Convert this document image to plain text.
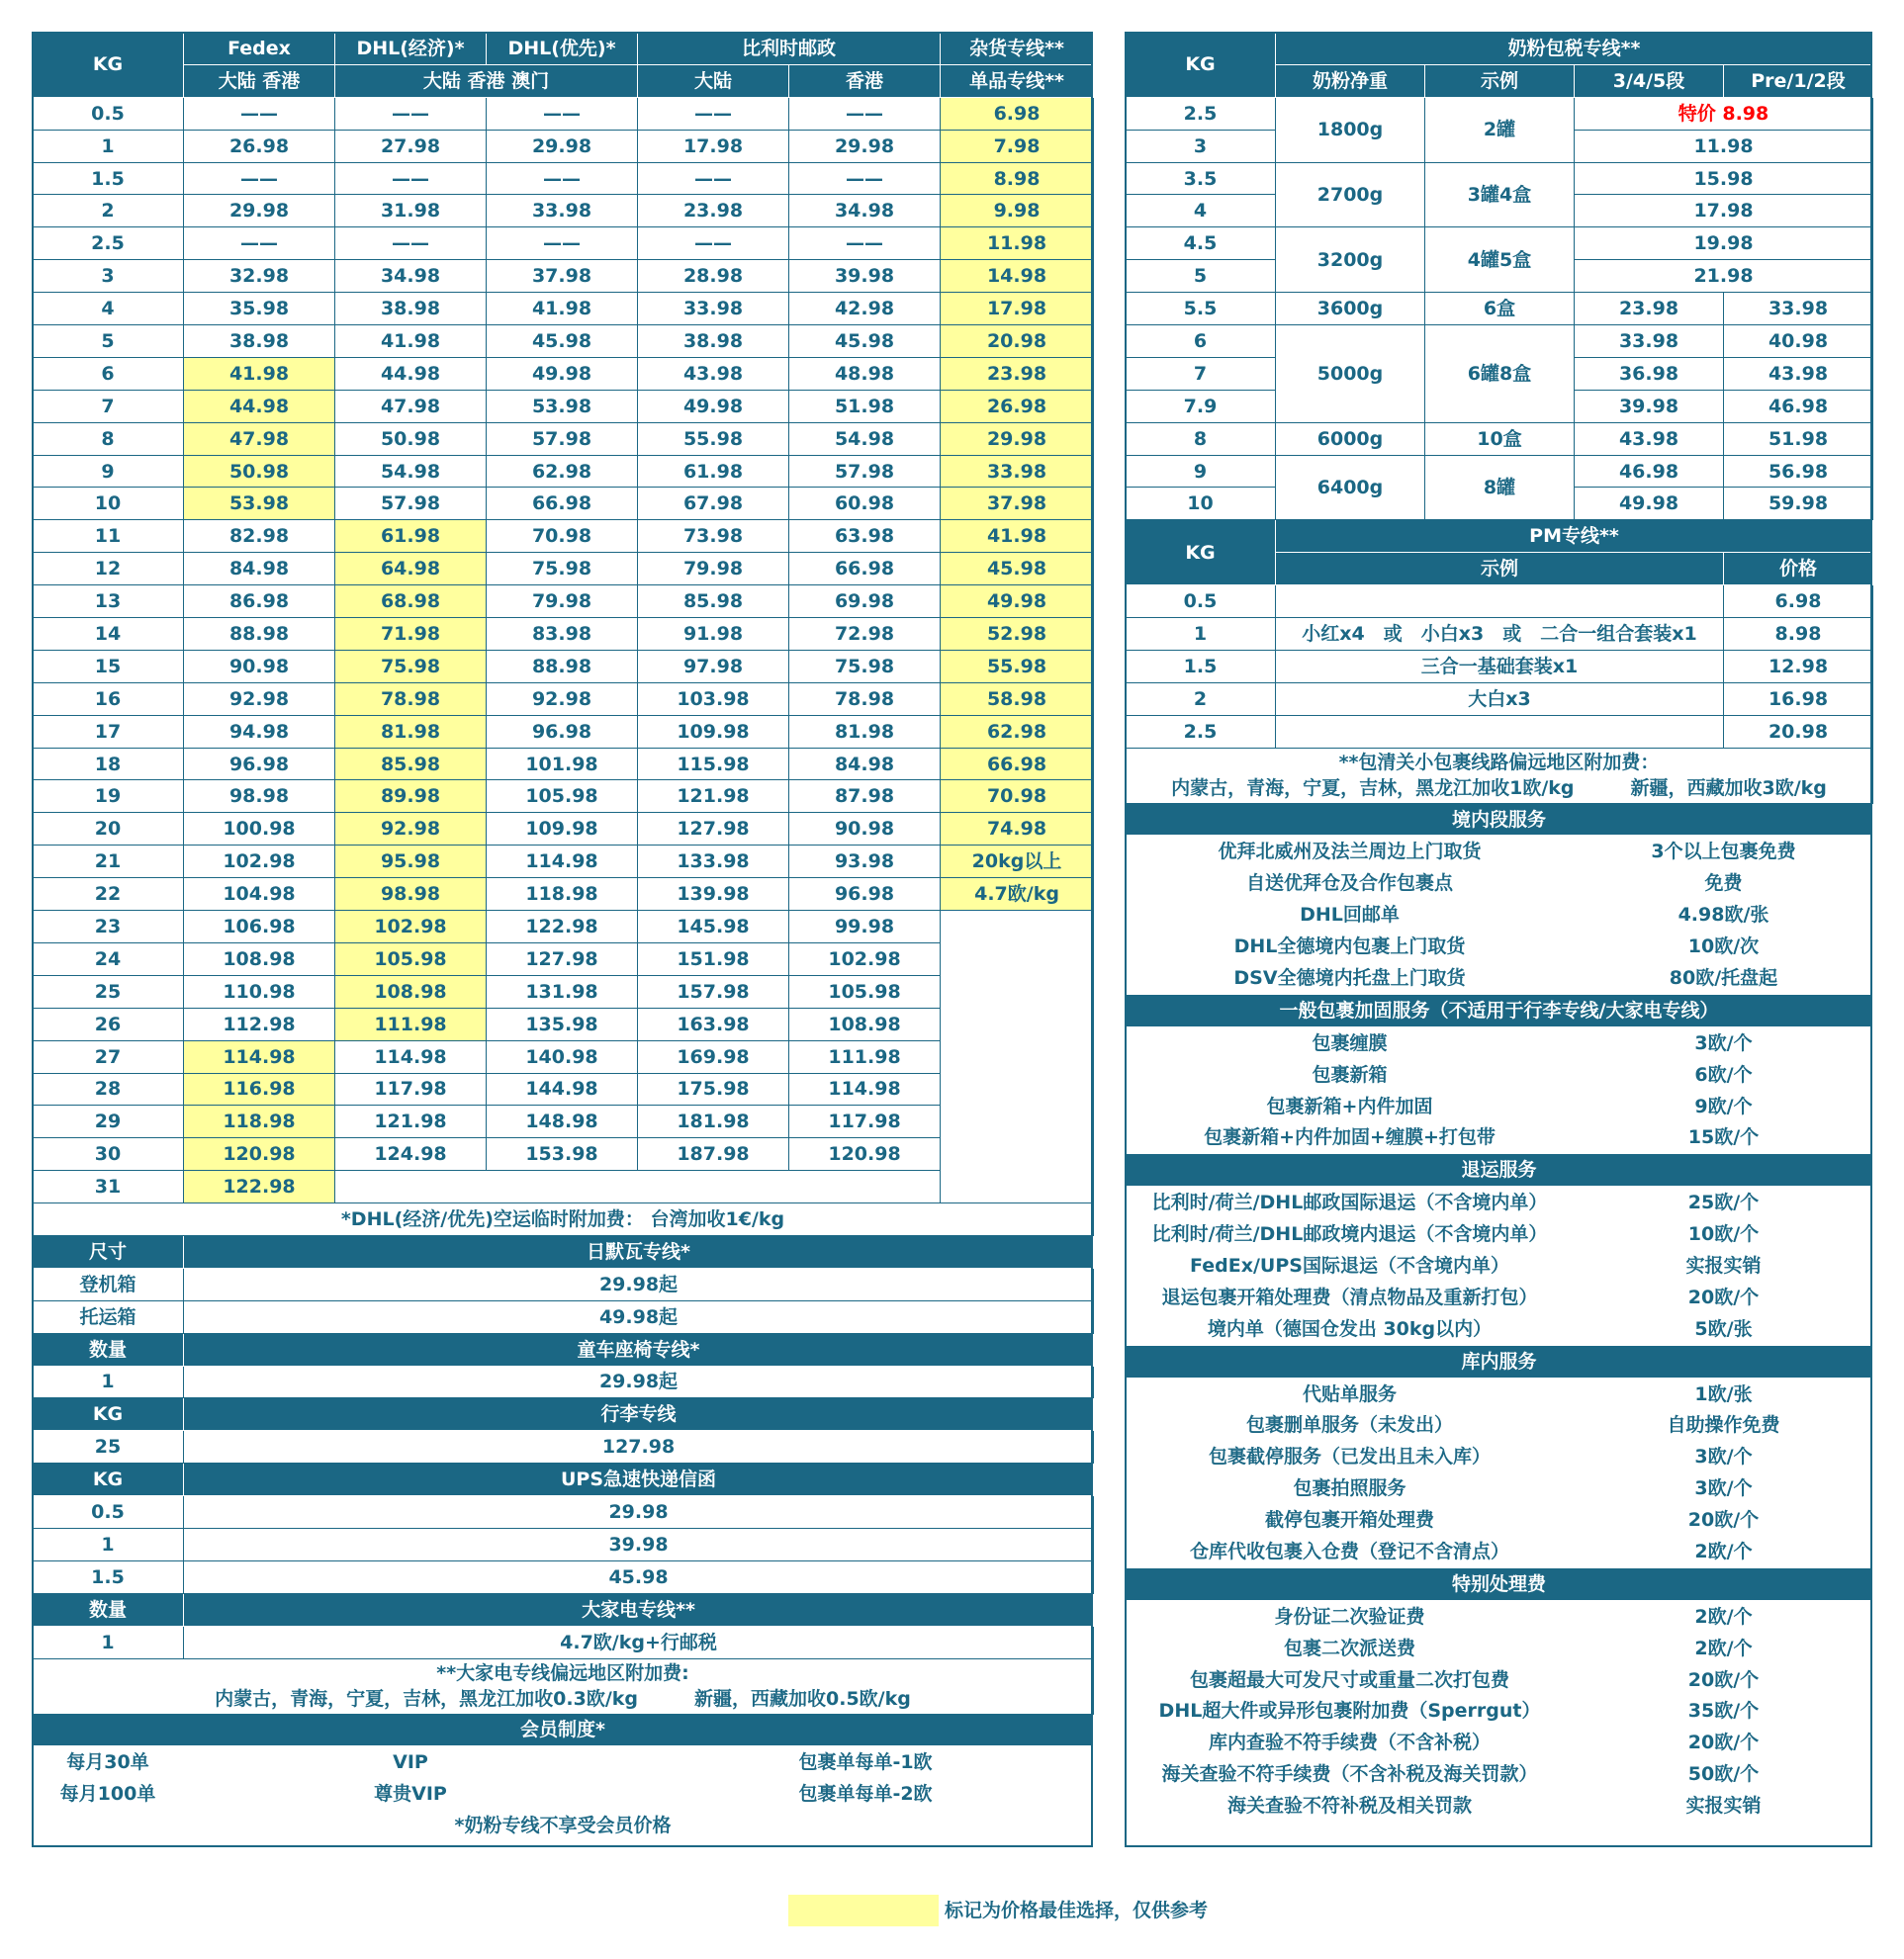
KG	Fedex	DHL(经济)*	DHL(优先)*	比利时邮政		杂货专线**
	大陆 香港	大陆 香港 澳门		大陆	香港	单品专线**
0.5	——	——	——	——	——	6.98
1	26.98	27.98	29.98	17.98	29.98	7.98
1.5	——	——	——	——	——	8.98
2	29.98	31.98	33.98	23.98	34.98	9.98
2.5	——	——	——	——	——	11.98
3	32.98	34.98	37.98	28.98	39.98	14.98
4	35.98	38.98	41.98	33.98	42.98	17.98
5	38.98	41.98	45.98	38.98	45.98	20.98
6	41.98	44.98	49.98	43.98	48.98	23.98
7	44.98	47.98	53.98	49.98	51.98	26.98
8	47.98	50.98	57.98	55.98	54.98	29.98
9	50.98	54.98	62.98	61.98	57.98	33.98
10	53.98	57.98	66.98	67.98	60.98	37.98
11	82.98	61.98	70.98	73.98	63.98	41.98
12	84.98	64.98	75.98	79.98	66.98	45.98
13	86.98	68.98	79.98	85.98	69.98	49.98
14	88.98	71.98	83.98	91.98	72.98	52.98
15	90.98	75.98	88.98	97.98	75.98	55.98
16	92.98	78.98	92.98	103.98	78.98	58.98
17	94.98	81.98	96.98	109.98	81.98	62.98
18	96.98	85.98	101.98	115.98	84.98	66.98
19	98.98	89.98	105.98	121.98	87.98	70.98
20	100.98	92.98	109.98	127.98	90.98	74.98
21	102.98	95.98	114.98	133.98	93.98	20kg以上
22	104.98	98.98	118.98	139.98	96.98	4.7欧/kg
23	106.98	102.98	122.98	145.98	99.98	
24	108.98	105.98	127.98	151.98	102.98	
25	110.98	108.98	131.98	157.98	105.98	
26	112.98	111.98	135.98	163.98	108.98	
27	114.98	114.98	140.98	169.98	111.98	
28	116.98	117.98	144.98	175.98	114.98	
29	118.98	121.98	148.98	181.98	117.98	
30	120.98	124.98	153.98	187.98	120.98	
31	122.98					
*DHL(经济/优先)空运临时附加费： 台湾加收1€/kg						
尺寸	日默瓦专线*					
登机箱	29.98起					
托运箱	49.98起					
数量	童车座椅专线*					
1	29.98起					
KG	行李专线					
25	127.98					
KG	UPS急速快递信函					
0.5	29.98					
1	39.98					
1.5	45.98					
数量	大家电专线**					
1	4.7欧/kg+行邮税					

**大家电专线偏远地区附加费:
内蒙古，青海，宁夏，吉林，黑龙江加收0.3欧/kg　　　新疆，西藏加收0.5欧/kg						

会员制度*						
每月30单	VIP			包裹单每单-1欧		
每月100单	尊贵VIP			包裹单每单-2欧		
*奶粉专线不享受会员价格						
KG	奶粉包税专线**			
	奶粉净重	示例	3/4/5段	Pre/1/2段
2.5	1800g	2罐	特价 8.98	
3			11.98	
3.5	2700g	3罐4盒	15.98	
4			17.98	
4.5	3200g	4罐5盒	19.98	
5			21.98	
5.5	3600g	6盒	23.98	33.98
6	5000g	6罐8盒	33.98	40.98
7			36.98	43.98
7.9			39.98	46.98
8	6000g	10盒	43.98	51.98
9	6400g	8罐	46.98	56.98
10			49.98	59.98
KG	PM专线**			
	示例			价格
0.5				6.98
1	小红x4　或　小白x3　或　二合一组合套装x1			8.98
1.5	三合一基础套装x1			12.98
2	大白x3			16.98
2.5				20.98

**包清关小包裹线路偏远地区附加费：
内蒙古，青海，宁夏，吉林，黑龙江加收1欧/kg　　　新疆，西藏加收3欧/kg				

境内段服务				
优拜北威州及法兰周边上门取货			3个以上包裹免费	
自送优拜仓及合作包裹点			免费	
DHL回邮单			4.98欧/张	
DHL全德境内包裹上门取货			10欧/次	
DSV全德境内托盘上门取货			80欧/托盘起	
一般包裹加固服务（不适用于行李专线/大家电专线）				
包裹缠膜			3欧/个	
包裹新箱			6欧/个	
包裹新箱+内件加固			9欧/个	
包裹新箱+内件加固+缠膜+打包带			15欧/个	
退运服务				
比利时/荷兰/DHL邮政国际退运（不含境内单）			25欧/个	
比利时/荷兰/DHL邮政境内退运（不含境内单）			10欧/个	
FedEx/UPS国际退运（不含境内单）			实报实销	
退运包裹开箱处理费（清点物品及重新打包）			20欧/个	
境内单（德国仓发出 30kg以内）			5欧/张	
库内服务				
代贴单服务			1欧/张	
包裹删单服务（未发出）			自助操作免费	
包裹截停服务（已发出且未入库）			3欧/个	
包裹拍照服务			3欧/个	
截停包裹开箱处理费			20欧/个	
仓库代收包裹入仓费（登记不含清点）			2欧/个	
特别处理费				
身份证二次验证费			2欧/个	
包裹二次派送费			2欧/个	
包裹超最大可发尺寸或重量二次打包费			20欧/个	
DHL超大件或异形包裹附加费（Sperrgut）			35欧/个	
库内查验不符手续费（不含补税）			20欧/个	
海关查验不符手续费（不含补税及海关罚款）			50欧/个	
海关查验不符补税及相关罚款			实报实销	
标记为价格最佳选择，仅供参考
